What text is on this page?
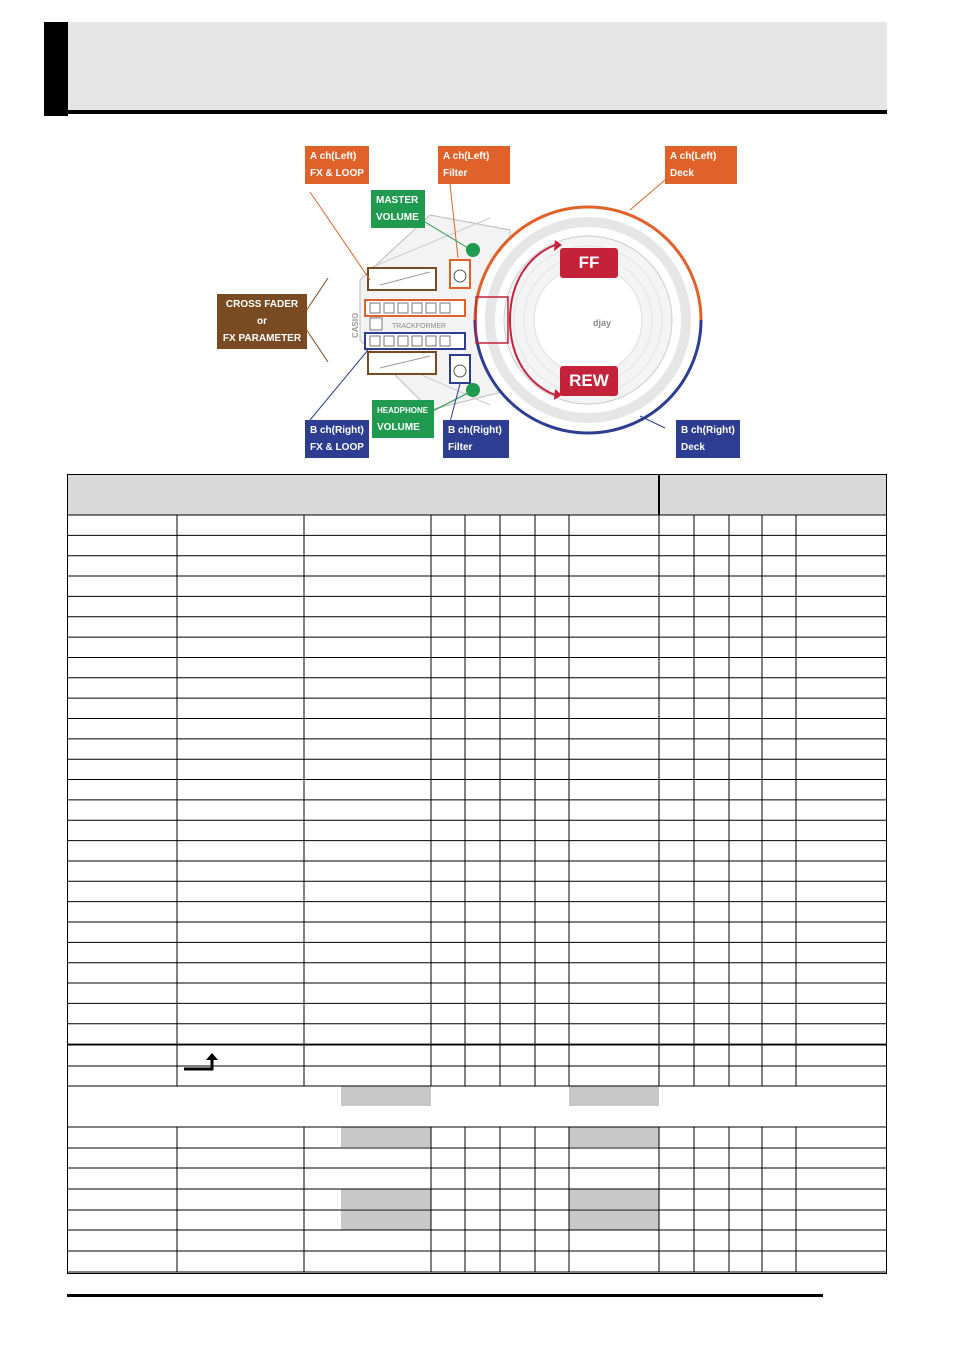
TRACKFORMER
CASIO
A ch(Left)
FX & LOOP
A ch(Left)
Filter
A ch(Left)
Deck
MASTER
VOLUME
CROSS FADER
or
FX PARAMETER
HEADPHONE
VOLUME
B ch(Right)
FX & LOOP
B ch(Right)
Filter
B ch(Right)
Deck
FF
REW
djay
